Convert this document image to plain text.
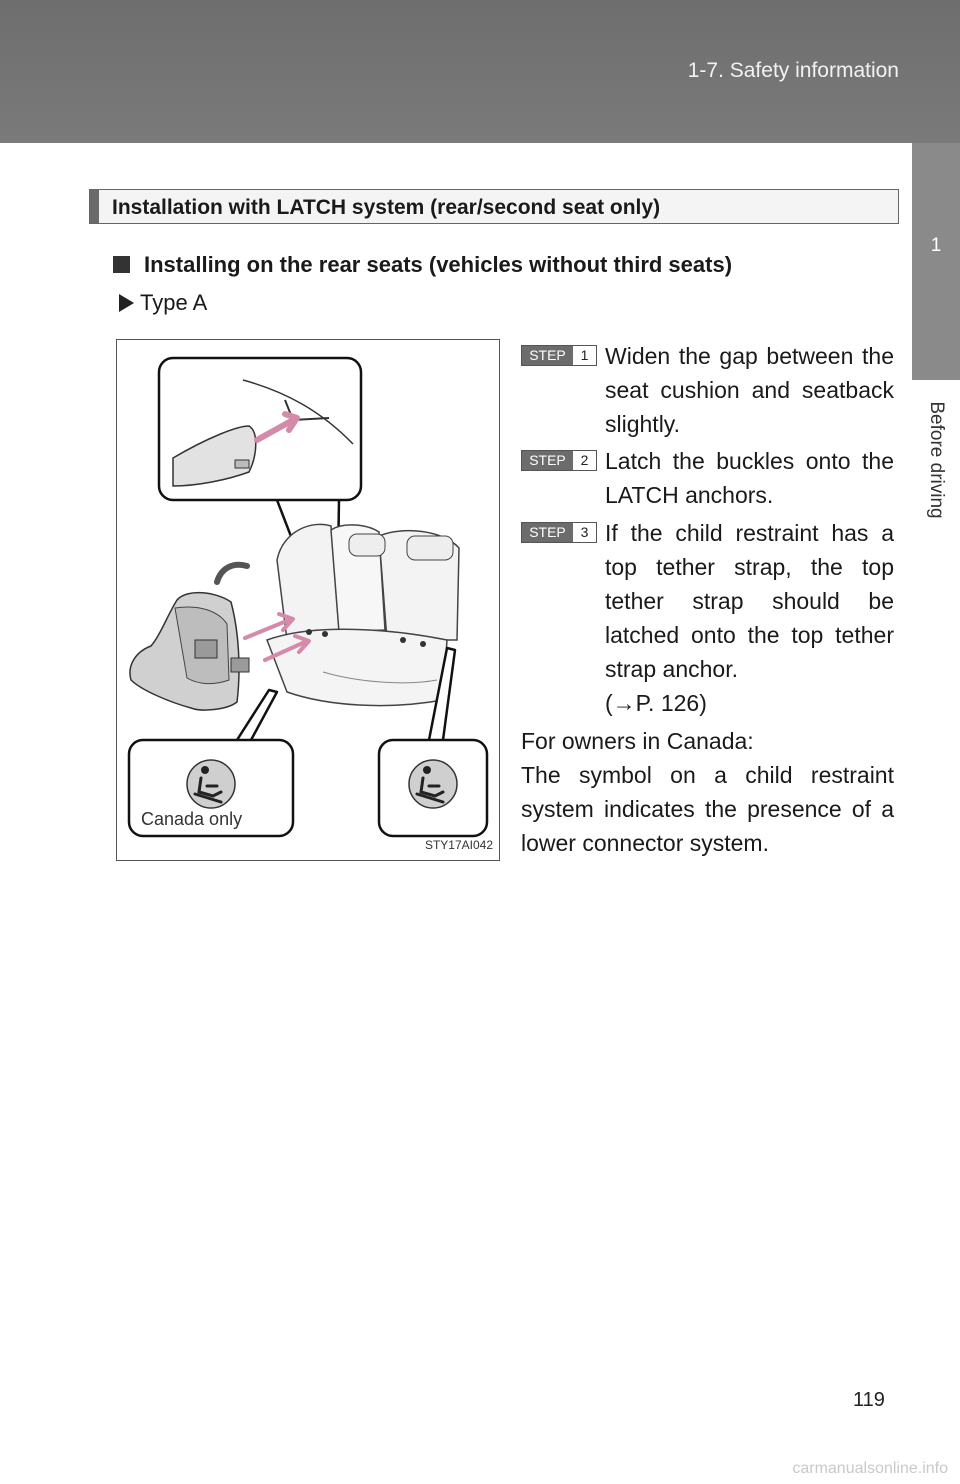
1-7. Safety information
1
Before driving
Installation with LATCH system (rear/second seat only)
Installing on the rear seats (vehicles without third seats)
Type A
Canada only
STY17AI042
STEP	1 Widen the gap between the seat cushion and seatback slightly.
STEP	2 Latch the buckles onto the LATCH anchors.
STEP	3 If the child restraint has a top tether strap, the top tether strap should be latched onto the top tether strap anchor.
(→P. 126)
For owners in Canada:
The symbol on a child restraint system indicates the presence of a lower connector system.
119
carmanualsonline.info
